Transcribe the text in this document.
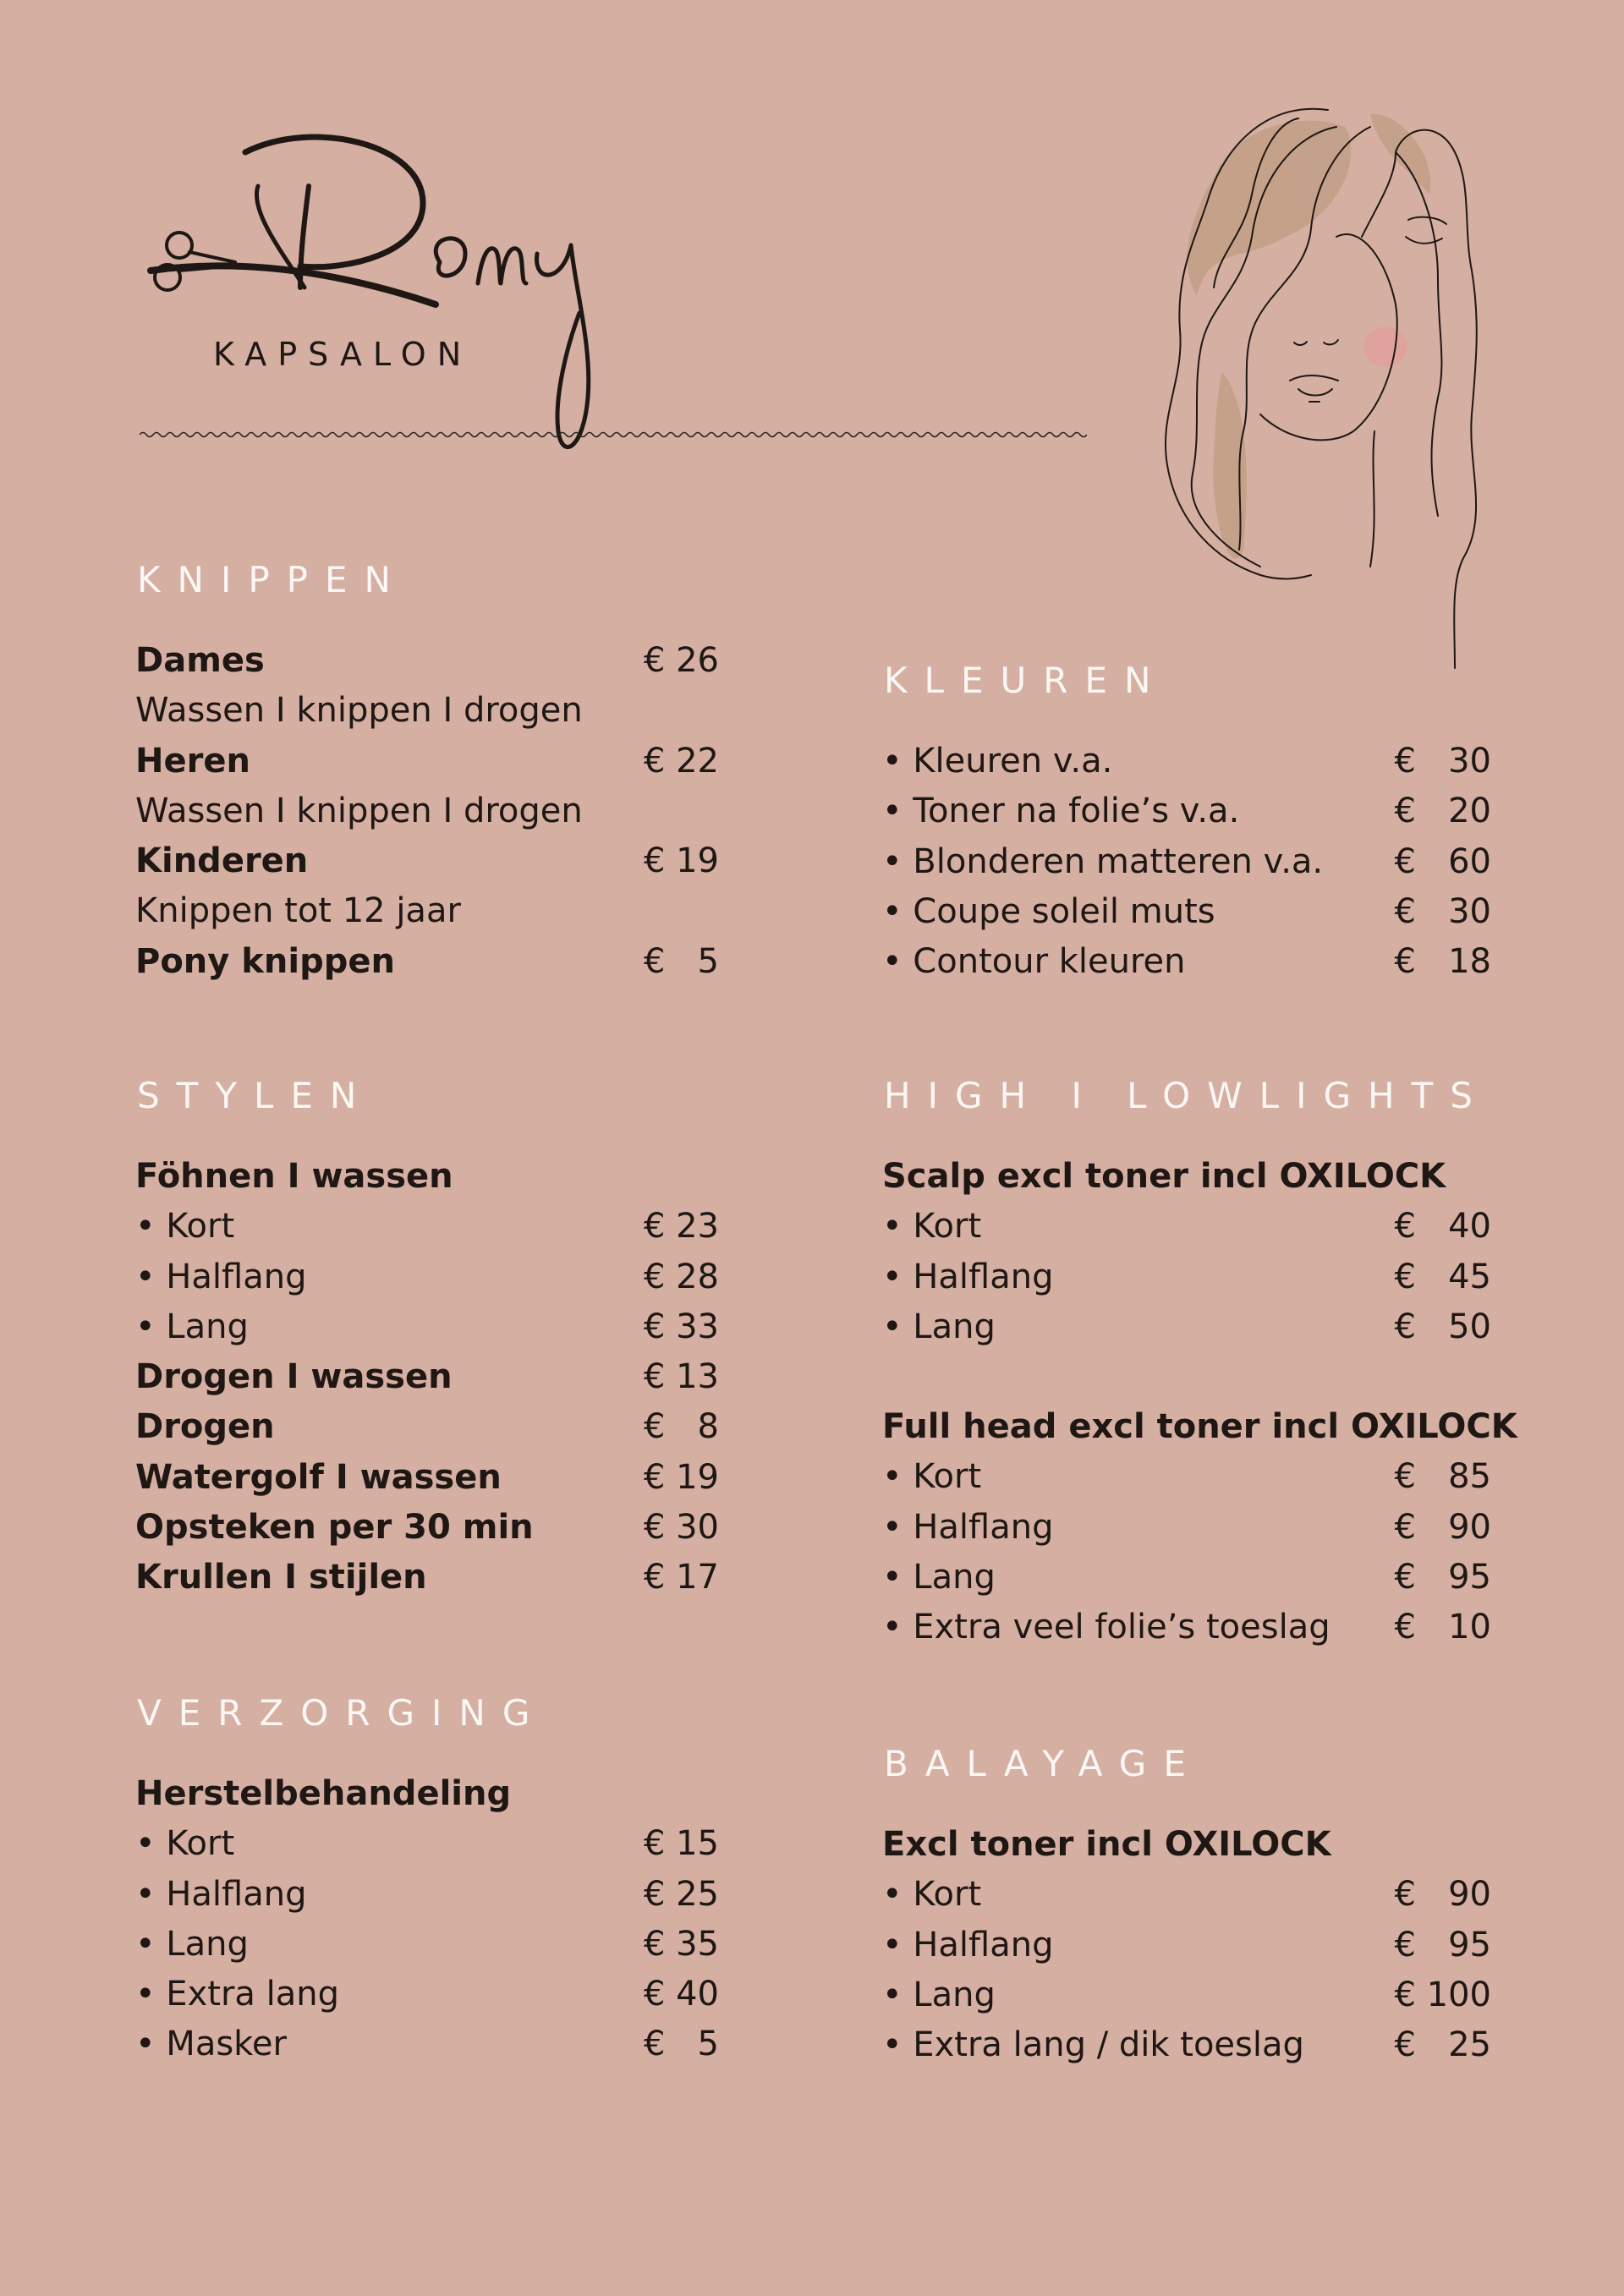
KAPSALON
KNIPPEN
Dames	€ 26
Wassen I knippen I drogen
Heren	€ 22
Wassen I knippen I drogen
Kinderen	€ 19
Knippen tot 12 jaar
Pony knippen	€   5
STYLEN
Föhnen I wassen
• Kort	€ 23
• Halflang	€ 28
• Lang	€ 33
Drogen I wassen	€ 13
Drogen	€   8
Watergolf I wassen	€ 19
Opsteken per 30 min	€ 30
Krullen I stijlen	€ 17
VERZORGING
Herstelbehandeling
• Kort	€ 15
• Halflang	€ 25
• Lang	€ 35
• Extra lang	€ 40
• Masker	€   5
KLEUREN
• Kleuren v.a.	€   30
• Toner na folie’s v.a.	€   20
• Blonderen matteren v.a. €   60
• Coupe soleil muts	€   30
• Contour kleuren	€   18
HIGH I LOWLIGHTS
Scalp excl toner incl OXILOCK
• Kort	€   40
• Halflang	€   45
• Lang	€   50
Full head excl toner incl OXILOCK
• Kort	€   85
• Halflang	€   90
• Lang	€   95
• Extra veel folie’s toeslag €   10
BALAYAGE
Excl toner incl OXILOCK
• Kort	€   90
• Halflang	€   95
• Lang	€ 100
• Extra lang / dik toeslag	€   25
